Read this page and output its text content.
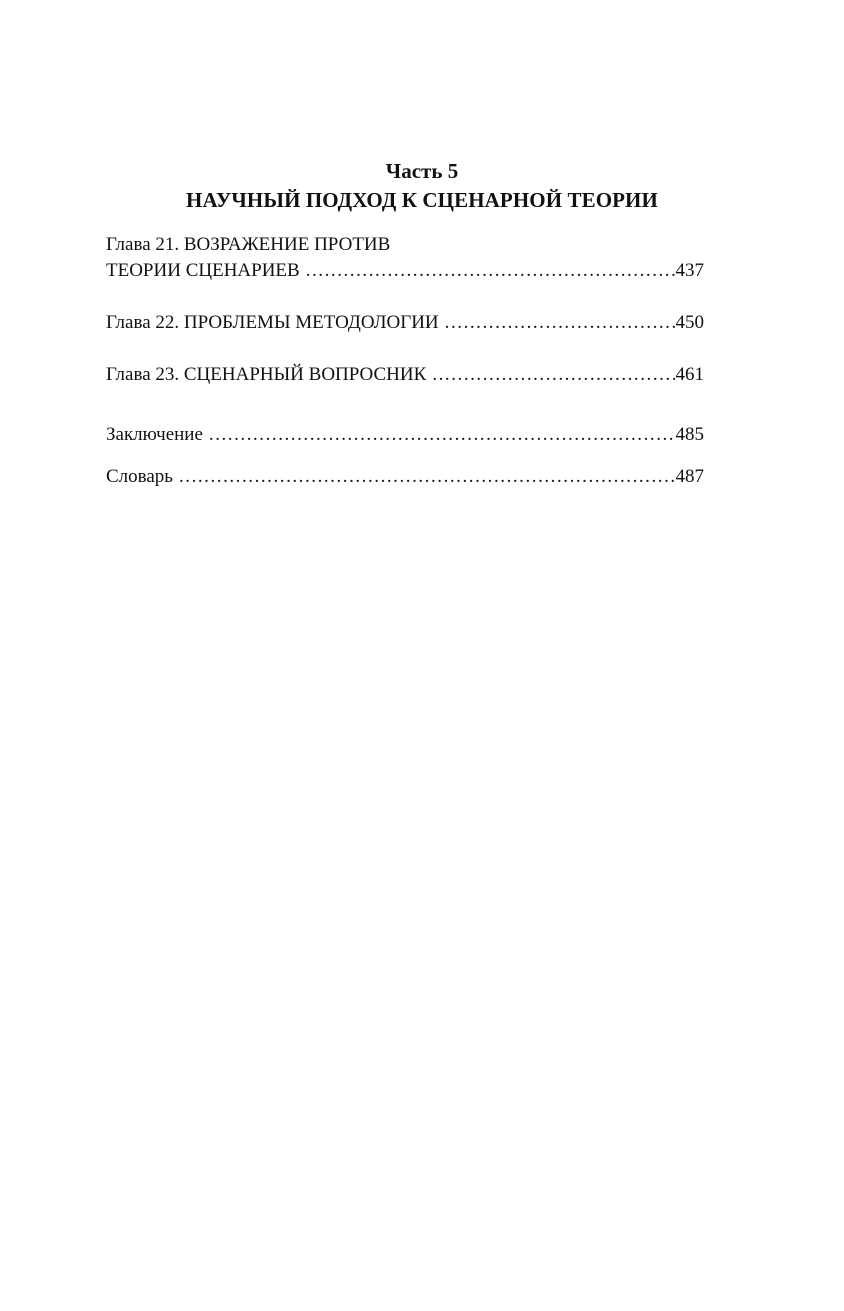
Часть 5
НАУЧНЫЙ ПОДХОД К СЦЕНАРНОЙ ТЕОРИИ
Глава 21. ВОЗРАЖЕНИЕ ПРОТИВ
ТЕОРИИ СЦЕНАРИЕВ . . .	437
Глава 22. ПРОБЛЕМЫ МЕТОДОЛОГИИ . . .	450
Глава 23. СЦЕНАРНЫЙ ВОПРОСНИК . . .	461
Заключение . . .	485
Словарь . . .	487
